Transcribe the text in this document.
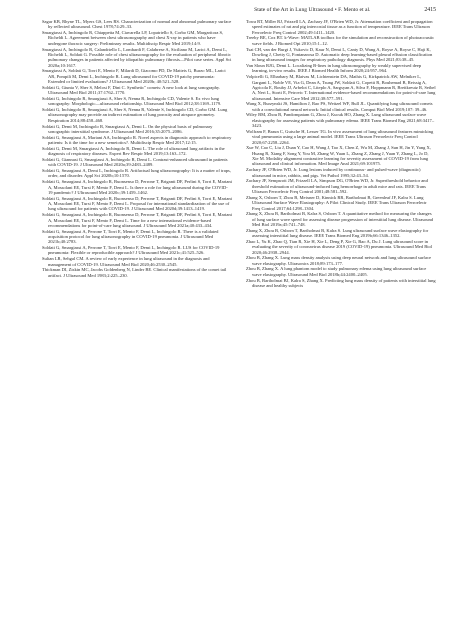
State of the Art in Lung Ultrasound • F. Mento et al.	2415

Sagar KB, Rhyne TL, Myers GS, Lees RS. Characterization of normal and abnormal pulmonary surface by reflected ultrasound. Chest 1978;74:29–33.

Smargiassi A, Inchingolo R, Chiappetta M, Ciavarella LP, Lopatriello S, Corbo GM, Margaritora S, Richeldi L. Agreement between chest ultrasonography and chest X-ray in patients who have undergone thoracic surgery: Preliminary results. Multidiscip Respir Med 2019;14:9.

Smargiassi A, Inchingolo R, Calandriello L, Lombardi F, Calabrese A, Siciliano M, Larici A, Demi L, Richeldi L, Soldati G. Possible role of chest ultrasonography for the evaluation of peripheral fibrotic pulmonary changes in patients affected by idiopathic pulmonary fibrosis—Pilot case series. Appl Sci 2020a;10:1617.

Smargiassi A, Soldati G, Torri E, Mento F, Milardi D, Giacomo PD, De Matteis G, Burzo ML, Larici AR, Pompili M, Demi L, Inchingolo R. Lung ultrasound for COVID-19 patchy pneumonia: Extended or limited evaluations? J Ultrasound Med 2020b; 40:521–528.

Soldati G, Giunta V, Sher S, Melosi F, Dini C. Synthetic" comets: A new look at lung sonography. Ultrasound Med Biol 2011;37:1762–1770.

Soldati G, Inchingolo R, Smargiassi A, Sher S, Nenna R, Inchingolo CD, Valente S. Ex vivo lung sonography: Morphologic—ultrasound relationship. Ultrasound Med Biol 2012;38:1169–1179.

Soldati G, Inchingolo R, Smargiassi A, Sher S, Nenna R, Valente S, Inchingolo CD, Corbo GM. Lung ultrasonography may provide an indirect estimation of lung porosity and airspace geometry. Respiration 2014;88:458–468.

Soldati G, Demi M, Inchingolo R, Smargiassi A, Demi L. On the physical basis of pulmonary sonographic interstitial syndrome. J Ultrasound Med 2016;35:2075–2086.

Soldati G, Smargiassi A, Mariani AA, Inchingolo R. Novel aspects in diagnostic approach to respiratory patients: Is it the time for a new semeiotics?. Multidiscip Respir Med 2017;12:15.

Soldati G, Demi M, Smargiassi A, Inchingolo R, Demi L. The role of ultrasound lung artifacts in the diagnosis of respiratory diseases. Expert Rev Respir Med 2019;13:163–172.

Soldati G, Giannasi G, Smargiassi A, Inchingolo R, Demi L. Contrast-enhanced ultrasound in patients with COVID-19. J Ultrasound Med 2020a;39:2483–2489.

Soldati G, Smargiassi A, Demi L, Inchingolo R. Artifactual lung ultrasonography: It is a matter of traps, order, and disorder. Appl Sci 2020b;10:1570.

Soldati G, Smargiassi A, Inchingolo R, Buonsenso D, Perrone T, Briganti DF, Perlini S, Torri E, Mariani A, Mossolani EE, Tursi F, Mento F, Demi L. Is there a role for lung ultrasound during the COVID-19 pandemic? J Ultrasound Med 2020c;39:1459–1462.

Soldati G, Smargiassi A, Inchingolo R, Buonsenso D, Perrone T, Briganti DF, Perlini S, Torri E, Mariani A, Mossolani EE, Tursi F, Mento F, Demi L. Proposal for international standardization of the use of lung ultrasound for patients with COVID-19. J Ultrasound Med 2020d;39:1413–1419.

Soldati G, Smargiassi A, Inchingolo R, Buonsenso D, Perrone T, Briganti DF, Perlini S, Torri E, Mariani A, Mossolani EE, Tursi F, Mento F, Demi L. Time for a new international evidence-based recommendations for point-of-care lung ultrasound. J Ultrasound Med 2021a;40:433–434.

Soldati G, Smargiassi A, Perrone T, Torri E, Mento F, Demi L, Inchingolo R. There is a validated acquisition protocol for lung ultrasonography in COVID-19 pneumonia. J Ultrasound Med 2021b;40:2783.

Soldati G, Smargiassi A, Perrone T, Torri E, Mento F, Demi L, Inchingolo R. LUS for COVID-19 pneumonia: Flexible or reproducible approach? J Ultrasound Med 2021c;41:525–526.

Sultan LR, Sehgal CM. A review of early experience in lung ultrasound in the diagnosis and management of COVID-19. Ultrasound Med Biol 2020;46:2530–2545.

Thickman DI, Ziskin MC, Jacobs Goldenberg N, Linder BE. Clinical manifestations of the comet tail artifact. J Ultrasound Med 1983;2:225–230.

Towa RT, Miller RJ, Frizzell LA, Zachary JF, O'Brien WD, Jr. Attenuation coefficient and propagation speed estimates of rat and pig intercostal tissue as a function of temperature. IEEE Trans Ultrason Ferroelectr Freq Control 2002;49:1411–1420.

Treeby BE, Cox BT. k-Wave: MATLAB toolbox for the simulation and reconstruction of photoacoustic wave fields. J Biomed Opt 2010;15:1–12.

Tsai CH, van der Burgt J, Vukovic D, Kaur N, Demi L, Canty D, Wang A, Royse A, Royse C, Haji K, Dowling J, Chetty G, Fontanarosa D. Automatic deep learning-based pleural effusion classification in lung ultrasound images for respiratory pathology diagnosis. Phys Med 2021;83:38–45.

Van Sloun RJG, Demi L. Localizing B-lines in lung ultrasonography by weakly supervised deep learning, in-vivo results. IEEE J Biomed Health Inform 2020;24:957–964.

Volpicelli G, Elbarbary M, Blaivas M, Lichtenstein DA, Mathis G, Kirkpatrick AW, Melniker L, Gargani L, Noble VE, Via G, Dean A, Tsung JW, Soldati G, Copetti R, Bouhemad B, Reissig A, Agricola E, Rouby JJ, Arbelot C, Liteplo A, Sargsyan A, Silva F, Hoppmann R, Breitkreutz R, Seibel A, Neri L, Storti E, Petrovic T. International evidence-based recommendations for point-of-care lung ultrasound. Intensive Care Med 2012;38:577–591.

Wang X, Burzynski JS, Hamilton J, Rao PS, Weitzel WF, Bull JL. Quantifying lung ultrasound comets with a convolutional neural network: Initial clinical results. Comput Biol Med 2019;107: 39–46.

Wiley BM, Zhou B, Pandompatam G, Zhou J, Kucuk HO, Zhang X. Lung ultrasound surface wave elastography for assessing patients with pulmonary edema. IEEE Trans Biomed Eng 2021;68:3417–3423.

Wolfram F, Braun C, Gutsche H, Lesser TG. In vivo assessment of lung ultrasound features mimicking viral pneumonia using a large animal model. IEEE Trans Ultrason Ferroelectr Freq Control 2020;67:2258–2264.

Xue W, Cao C, Liu J, Duan Y, Cao H, Wang J, Tao X, Chen Z, Wu M, Zhang J, Sun H, Jin Y, Yang X, Huang R, Xiang F, Song Y, You M, Zhang W, Yuan L, Zhang Z, Zhang J, Yuan Y, Zhang L, Jo D, Xie M. Modality alignment contrastive learning for severity assessment of COVID-19 from lung ultrasound and clinical information. Med Image Anal 2021;69:101975.

Zachary JF, O'Brien WD, Jr. Lung lesions induced by continuous- and pulsed-wave (diagnostic) ultrasound in mice, rabbits, and pigs. Vet Pathol 1995;32:43–54.

Zachary JF, Sempsrott JM, Frizzell LA, Simpson DG, O'Brien WD, Jr. Superthreshold behavior and threshold estimation of ultrasound-induced lung hemorrhage in adult mice and rats. IEEE Trans Ultrason Ferroelectr Freq Control 2001;48:581–592.

Zhang X, Osborn T, Zhou B, Meixner D, Kinnick RR, Bartholmai B, Greenleaf JF, Kalra S. Lung Ultrasound Surface Wave Elastography: A Pilot Clinical Study. IEEE Trans Ultrason Ferroelectr Freq Control 2017;64:1298–1304.

Zhang X, Zhou B, Bartholmai B, Kalra S, Osborn T. A quantitative method for measuring the changes of lung surface wave speed for assessing disease progression of interstitial lung disease. Ultrasound Med Biol 2019a;45:741–748.

Zhang X, Zhou B, Osborn T, Bartholmai B, Kalra S. Lung ultrasound surface wave elastography for assessing interstitial lung disease. IEEE Trans Biomed Eng 2019b;66:1346–1352.

Zhao L, Yu K, Zhao Q, Tian R, Xie H, Xie L, Deng P, Xie G, Bao A, Du J. Lung ultrasound score in evaluating the severity of coronavirus disease 2019 (COVID-19) pneumonia. Ultrasound Med Biol 2020;46:2938–2944.

Zhou B, Zhang X. Lung mass density analysis using deep neural network and lung ultrasound surface wave elastography. Ultrasonics 2018;89:173–177.

Zhou B, Zhang X. A lung phantom model to study pulmonary edema using lung ultrasound surface wave elastography. Ultrasound Med Biol 2018b;44:2400–2405.

Zhou B, Bartholmai BJ, Kalra S, Zhang X. Predicting lung mass density of patients with interstitial lung disease and healthy subjects
